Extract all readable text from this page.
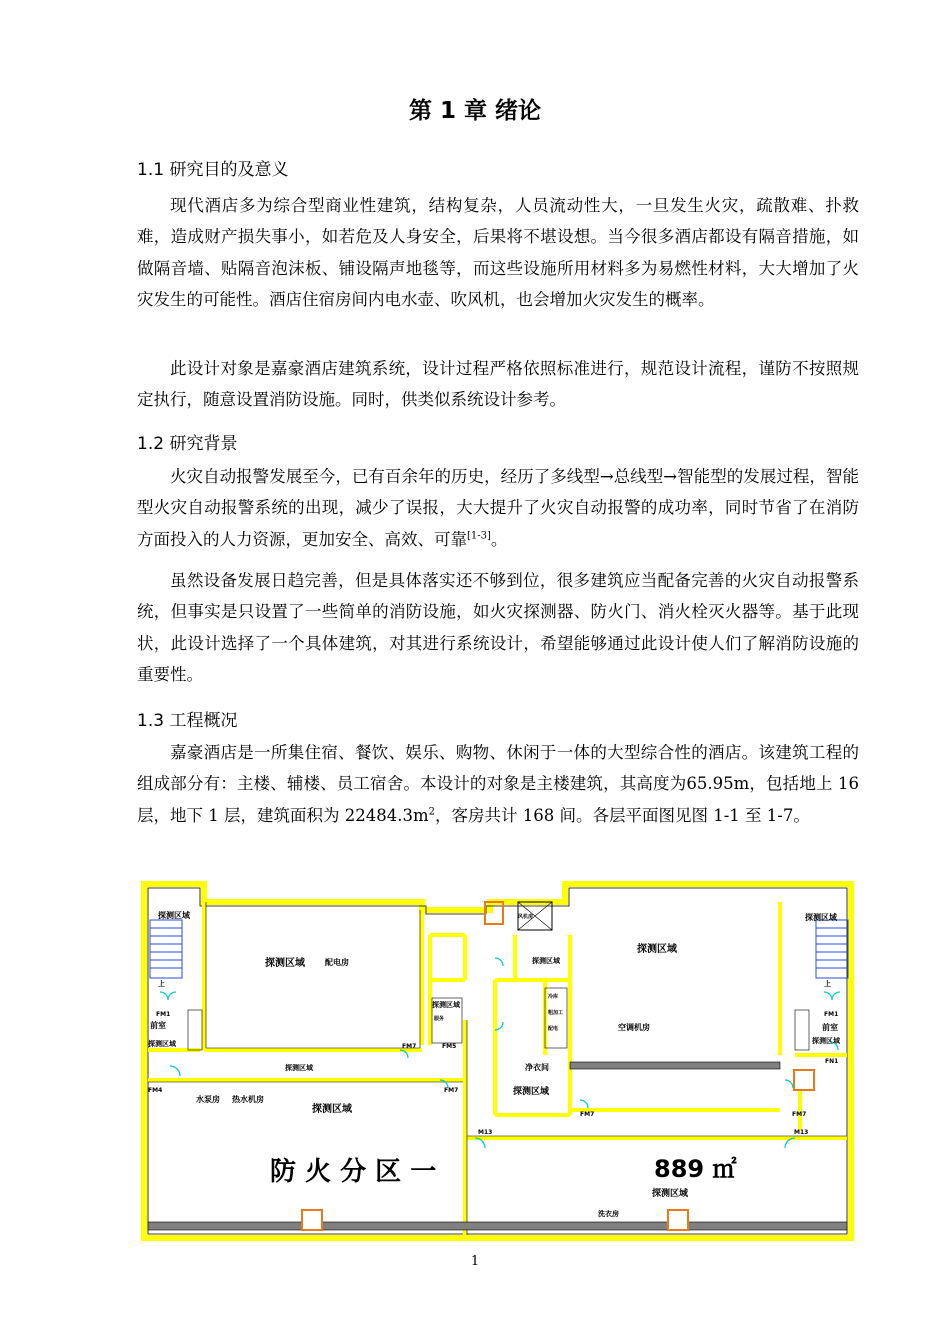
第 1 章 绪论
1.1 研究目的及意义

现代酒店多为综合型商业性建筑，结构复杂，人员流动性大，一旦发生火灾，疏散难、扑救难，造成财产损失事小，如若危及人身安全，后果将不堪设想。当今很多酒店都设有隔音措施，如做隔音墙、贴隔音泡沫板、铺设隔声地毯等，而这些设施所用材料多为易燃性材料，大大增加了火灾发生的可能性。酒店住宿房间内电水壶、吹风机，也会增加火灾发生的概率。

此设计对象是嘉豪酒店建筑系统，设计过程严格依照标准进行，规范设计流程，谨防不按照规定执行，随意设置消防设施。同时，供类似系统设计参考。

1.2 研究背景

火灾自动报警发展至今，已有百余年的历史，经历了多线型→总线型→智能型的发展过程，智能型火灾自动报警系统的出现，减少了误报，大大提升了火灾自动报警的成功率，同时节省了在消防方面投入的人力资源，更加安全、高效、可靠[1-3]。

虽然设备发展日趋完善，但是具体落实还不够到位，很多建筑应当配备完善的火灾自动报警系统，但事实是只设置了一些简单的消防设施，如火灾探测器、防火门、消火栓灭火器等。基于此现状，此设计选择了一个具体建筑，对其进行系统设计，希望能够通过此设计使人们了解消防设施的重要性。

1.3 工程概况

嘉豪酒店是一所集住宿、餐饮、娱乐、购物、休闲于一体的大型综合性的酒店。该建筑工程的组成部分有：主楼、辅楼、员工宿舍。本设计的对象是主楼建筑，其高度为65.95m，包括地上 16 层，地下 1 层，建筑面积为 $22484.3m^2$，客房共计 168 间。各层平面图见图 1-1 至 1-7。

探测区域	探测区域
探测区域	配电房
探测区域
空调机房
探测区域
探测区域
前室
探测区域
前室
探测区域
探测区域
水泵房 热水机房
探测区域
净衣间
探测区域
探测区域
洗衣房
防 火 分 区 一	889 ㎡
上	上
FM1	FM1
FM4
FM5
FM7
FM7
FM7	FM7
M13	M13
FN1
冷库
粗加工
配电
服务
风机房
1
